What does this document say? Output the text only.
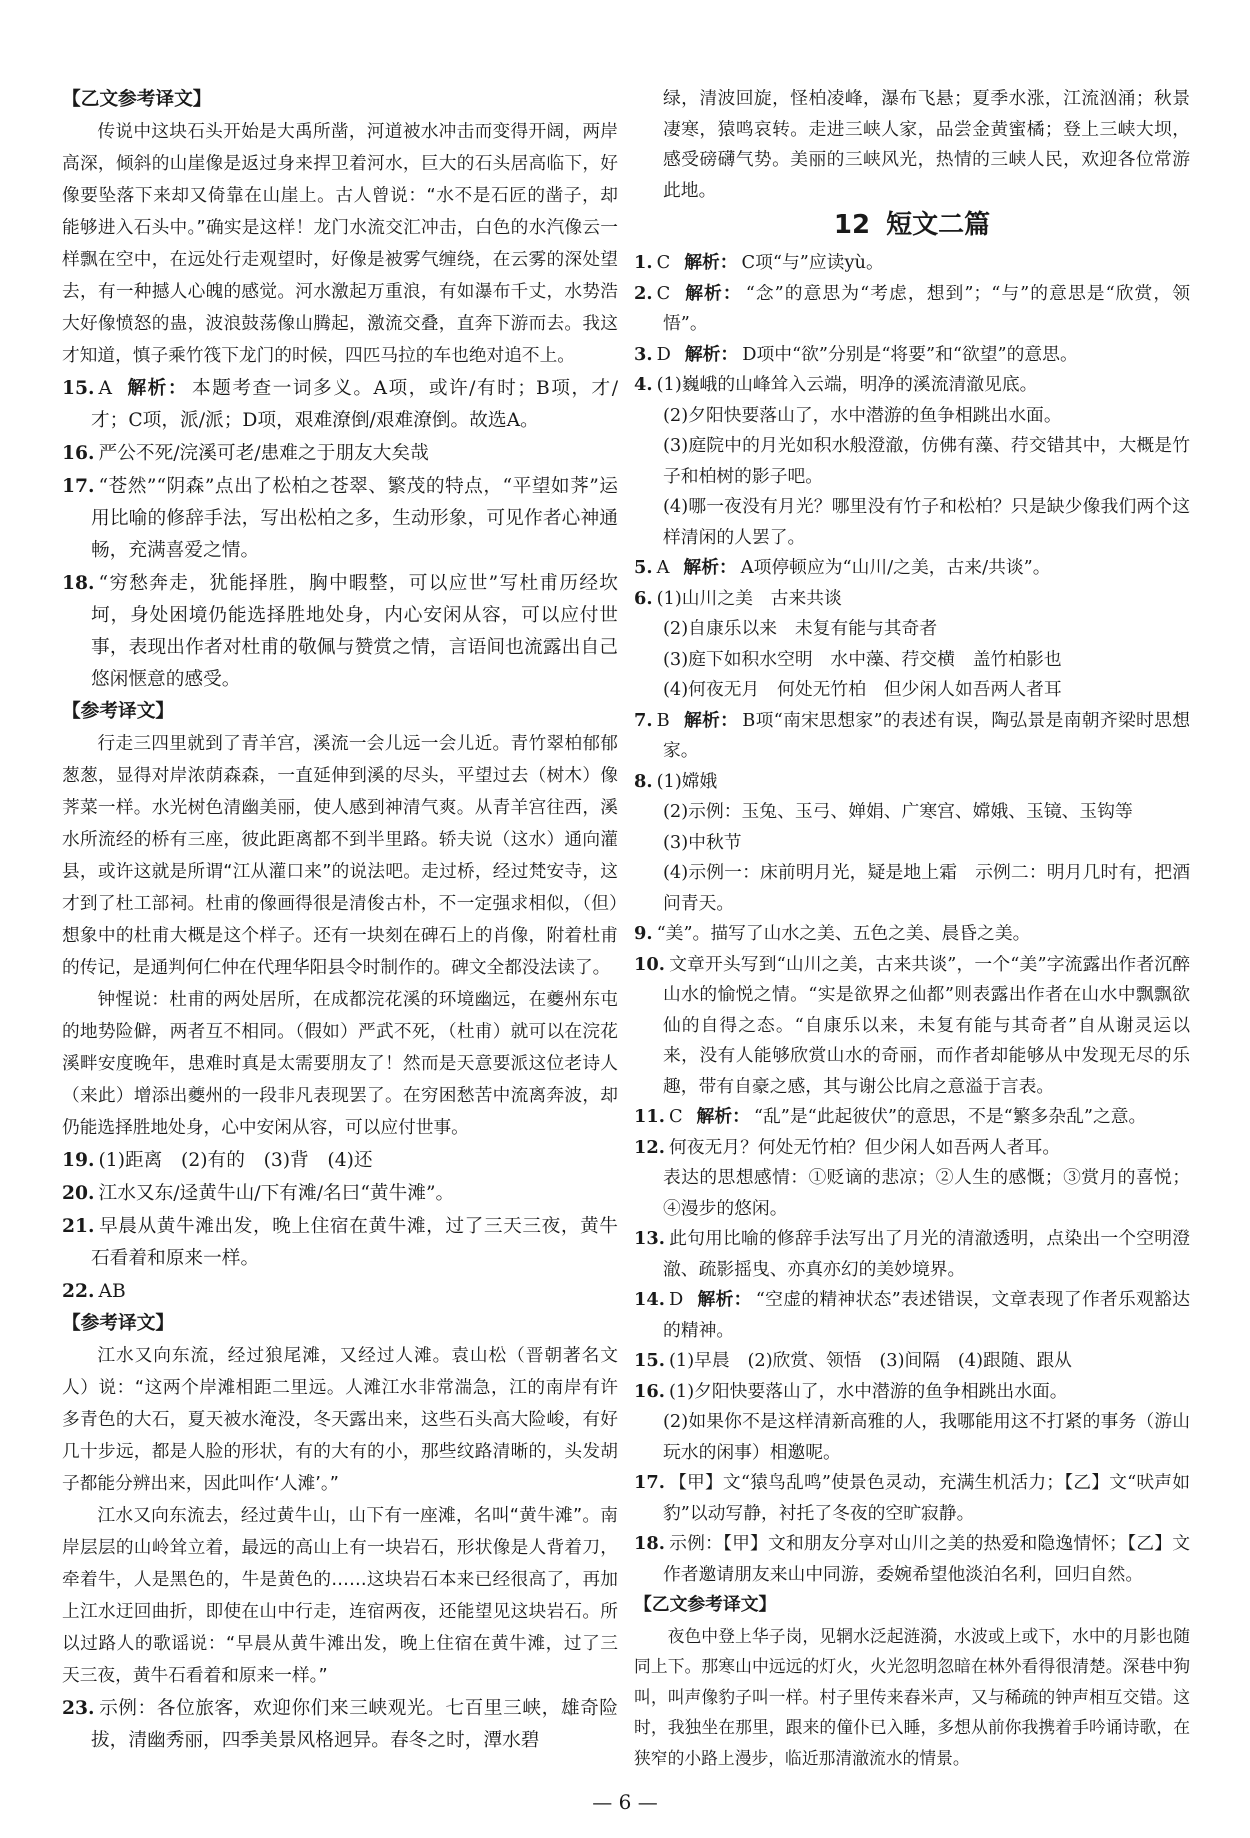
【乙文参考译文】

传说中这块石头开始是大禹所凿，河道被水冲击而变得开阔，两岸高深，倾斜的山崖像是返过身来捍卫着河水，巨大的石头居高临下，好像要坠落下来却又倚靠在山崖上。古人曾说：“水不是石匠的凿子，却能够进入石头中。”确实是这样！龙门水流交汇冲击，白色的水汽像云一样飘在空中，在远处行走观望时，好像是被雾气缠绕，在云雾的深处望去，有一种撼人心魄的感觉。河水激起万重浪，有如瀑布千丈，水势浩大好像愤怒的蛊，波浪鼓荡像山腾起，激流交叠，直奔下游而去。我这才知道，慎子乘竹筏下龙门的时候，四匹马拉的车也绝对追不上。

15. A 解析： 本题考查一词多义。A项，或许/有时；B项，才/才；C项，派/派；D项，艰难潦倒/艰难潦倒。故选A。

16. 严公不死/浣溪可老/患难之于朋友大矣哉

17. “苍然”“阴森”点出了松柏之苍翠、繁茂的特点，“平望如荠”运用比喻的修辞手法，写出松柏之多，生动形象，可见作者心神通畅，充满喜爱之情。

18. “穷愁奔走，犹能择胜，胸中暇整，可以应世”写杜甫历经坎坷，身处困境仍能选择胜地处身，内心安闲从容，可以应付世事，表现出作者对杜甫的敬佩与赞赏之情，言语间也流露出自己悠闲惬意的感受。

【参考译文】

行走三四里就到了青羊宫，溪流一会儿远一会儿近。青竹翠柏郁郁葱葱，显得对岸浓荫森森，一直延伸到溪的尽头，平望过去（树木）像荠菜一样。水光树色清幽美丽，使人感到神清气爽。从青羊宫往西，溪水所流经的桥有三座，彼此距离都不到半里路。轿夫说（这水）通向灌县，或许这就是所谓“江从灌口来”的说法吧。走过桥，经过梵安寺，这才到了杜工部祠。杜甫的像画得很是清俊古朴，不一定强求相似，（但）想象中的杜甫大概是这个样子。还有一块刻在碑石上的肖像，附着杜甫的传记，是通判何仁仲在代理华阳县令时制作的。碑文全都没法读了。

钟惺说：杜甫的两处居所，在成都浣花溪的环境幽远，在夔州东屯的地势险僻，两者互不相同。（假如）严武不死，（杜甫）就可以在浣花溪畔安度晚年，患难时真是太需要朋友了！然而是天意要派这位老诗人（来此）增添出夔州的一段非凡表现罢了。在穷困愁苦中流离奔波，却仍能选择胜地处身，心中安闲从容，可以应付世事。

19. (1)距离　(2)有的　(3)背　(4)还

20. 江水又东/迳黄牛山/下有滩/名曰“黄牛滩”。

21. 早晨从黄牛滩出发，晚上住宿在黄牛滩，过了三天三夜，黄牛石看着和原来一样。

22. AB

【参考译文】

江水又向东流，经过狼尾滩，又经过人滩。袁山松（晋朝著名文人）说：“这两个岸滩相距二里远。人滩江水非常湍急，江的南岸有许多青色的大石，夏天被水淹没，冬天露出来，这些石头高大险峻，有好几十步远，都是人脸的形状，有的大有的小，那些纹路清晰的，头发胡子都能分辨出来，因此叫作‘人滩’。”

江水又向东流去，经过黄牛山，山下有一座滩，名叫“黄牛滩”。南岸层层的山岭耸立着，最远的高山上有一块岩石，形状像是人背着刀，牵着牛，人是黑色的，牛是黄色的……这块岩石本来已经很高了，再加上江水迂回曲折，即使在山中行走，连宿两夜，还能望见这块岩石。所以过路人的歌谣说：“早晨从黄牛滩出发，晚上住宿在黄牛滩，过了三天三夜，黄牛石看着和原来一样。”

23. 示例：各位旅客，欢迎你们来三峡观光。七百里三峡，雄奇险拔，清幽秀丽，四季美景风格迥异。春冬之时，潭水碧

绿，清波回旋，怪柏凌峰，瀑布飞悬；夏季水涨，江流汹涌；秋景凄寒，猿鸣哀转。走进三峡人家，品尝金黄蜜橘；登上三峡大坝，感受磅礴气势。美丽的三峡风光，热情的三峡人民，欢迎各位常游此地。

12 短文二篇

1. C 解析： C项“与”应读yù。

2. C 解析： “念”的意思为“考虑，想到”；“与”的意思是“欣赏，领悟”。

3. D 解析： D项中“欲”分别是“将要”和“欲望”的意思。

4. (1)巍峨的山峰耸入云端，明净的溪流清澈见底。

(2)夕阳快要落山了，水中潜游的鱼争相跳出水面。

(3)庭院中的月光如积水般澄澈，仿佛有藻、荇交错其中，大概是竹子和柏树的影子吧。

(4)哪一夜没有月光？哪里没有竹子和松柏？只是缺少像我们两个这样清闲的人罢了。

5. A 解析： A项停顿应为“山川/之美，古来/共谈”。

6. (1)山川之美　古来共谈

(2)自康乐以来　未复有能与其奇者

(3)庭下如积水空明　水中藻、荇交横　盖竹柏影也

(4)何夜无月　何处无竹柏　但少闲人如吾两人者耳

7. B 解析： B项“南宋思想家”的表述有误，陶弘景是南朝齐梁时思想家。

8. (1)嫦娥

(2)示例：玉兔、玉弓、婵娟、广寒宫、嫦娥、玉镜、玉钩等

(3)中秋节

(4)示例一：床前明月光，疑是地上霜　示例二：明月几时有，把酒问青天。

9. “美”。描写了山水之美、五色之美、晨昏之美。

10. 文章开头写到“山川之美，古来共谈”，一个“美”字流露出作者沉醉山水的愉悦之情。“实是欲界之仙都”则表露出作者在山水中飘飘欲仙的自得之态。“自康乐以来，未复有能与其奇者”自从谢灵运以来，没有人能够欣赏山水的奇丽，而作者却能够从中发现无尽的乐趣，带有自豪之感，其与谢公比肩之意溢于言表。

11. C 解析： “乱”是“此起彼伏”的意思，不是“繁多杂乱”之意。

12. 何夜无月？何处无竹柏？但少闲人如吾两人者耳。

表达的思想感情：①贬谪的悲凉；②人生的感慨；③赏月的喜悦；④漫步的悠闲。

13. 此句用比喻的修辞手法写出了月光的清澈透明，点染出一个空明澄澈、疏影摇曳、亦真亦幻的美妙境界。

14. D 解析： “空虚的精神状态”表述错误，文章表现了作者乐观豁达的精神。

15. (1)早晨　(2)欣赏、领悟　(3)间隔　(4)跟随、跟从

16. (1)夕阳快要落山了，水中潜游的鱼争相跳出水面。

(2)如果你不是这样清新高雅的人，我哪能用这不打紧的事务（游山玩水的闲事）相邀呢。

17. 【甲】文“猿鸟乱鸣”使景色灵动，充满生机活力；【乙】文“吠声如豹”以动写静，衬托了冬夜的空旷寂静。

18. 示例：【甲】文和朋友分享对山川之美的热爱和隐逸情怀；【乙】文作者邀请朋友来山中同游，委婉希望他淡泊名利，回归自然。

【乙文参考译文】

夜色中登上华子岗，见辋水泛起涟漪，水波或上或下，水中的月影也随同上下。那寒山中远远的灯火，火光忽明忽暗在林外看得很清楚。深巷中狗叫，叫声像豹子叫一样。村子里传来舂米声，又与稀疏的钟声相互交错。这时，我独坐在那里，跟来的僮仆已入睡，多想从前你我携着手吟诵诗歌，在狭窄的小路上漫步，临近那清澈流水的情景。

— 6 —
